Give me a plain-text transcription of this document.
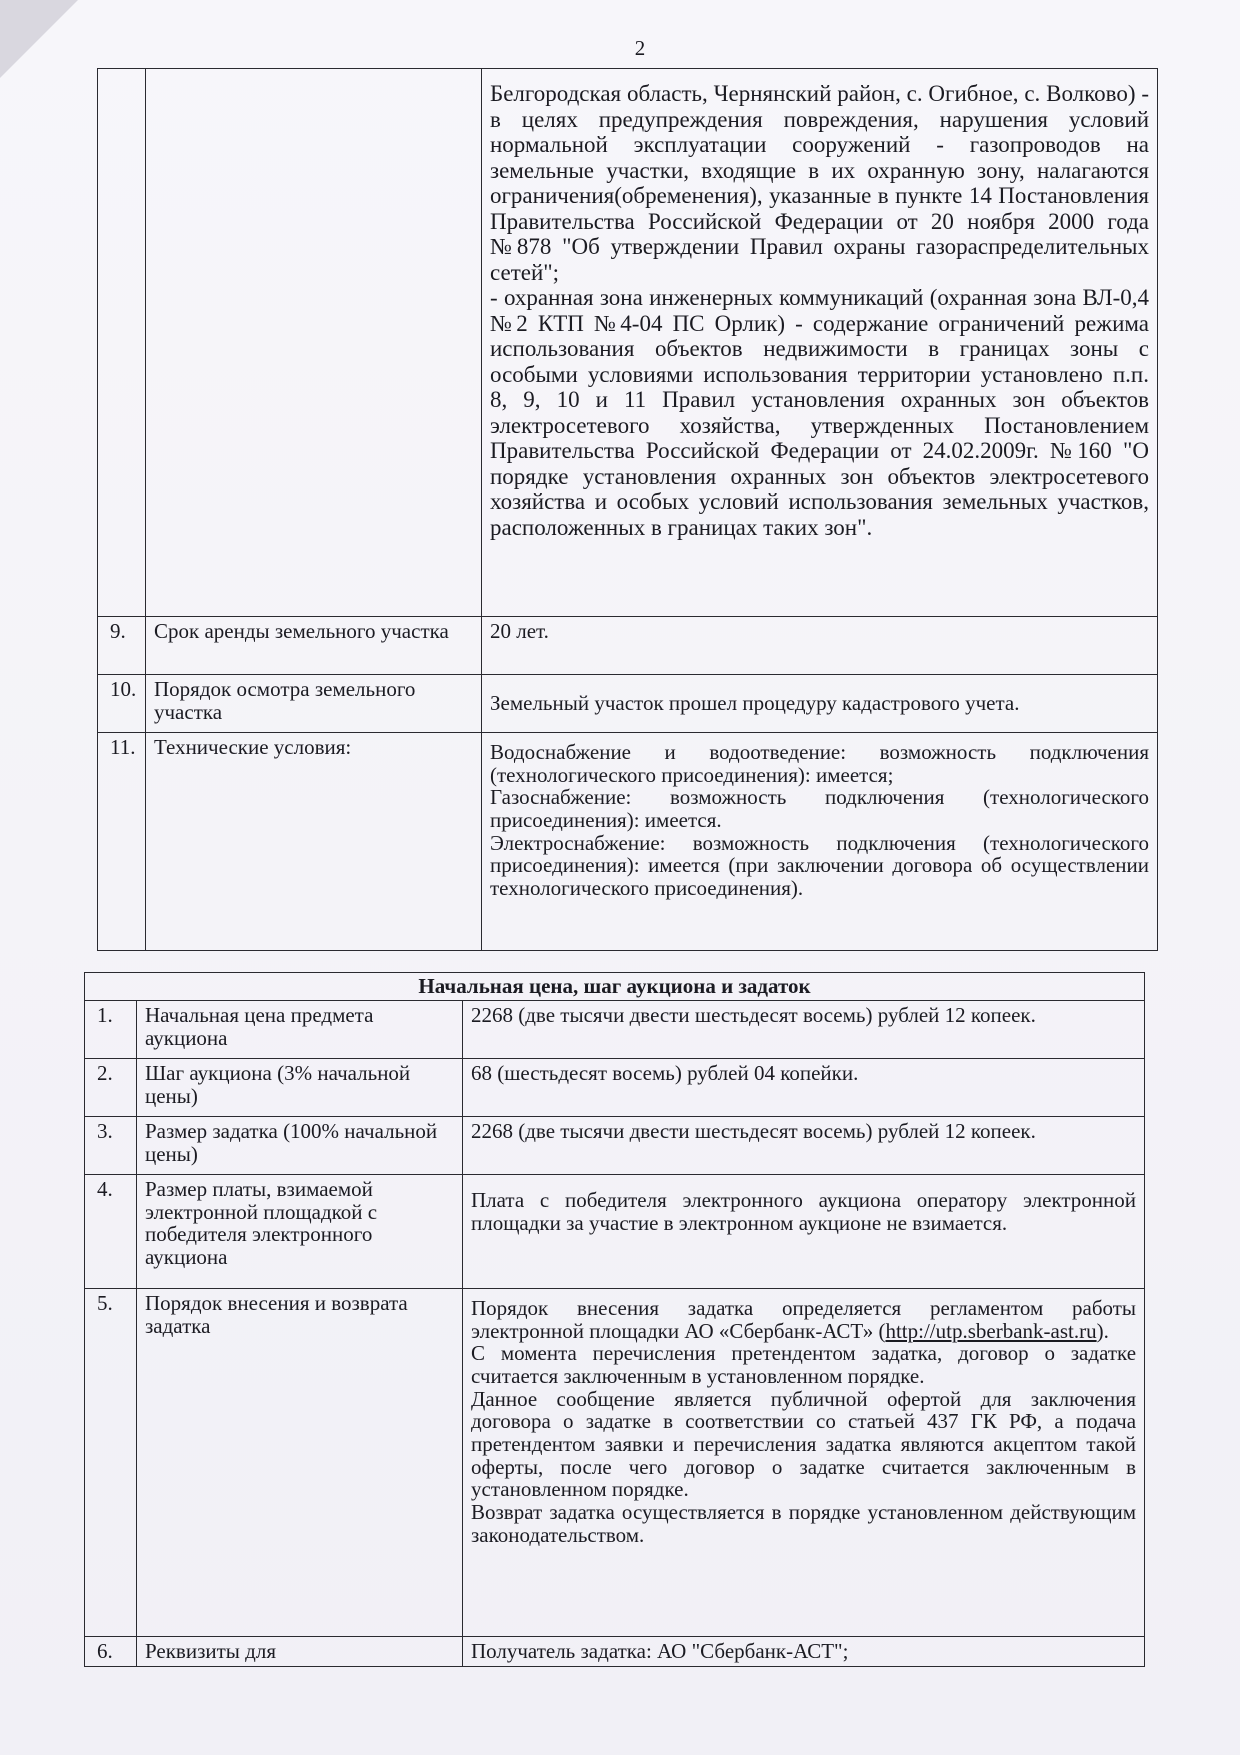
2

		Белгородская область, Чернянский район, с. Огибное, с. Волково) - в целях предупреждения повреждения, нарушения условий нормальной эксплуатации сооружений - газопроводов на земельные участки, входящие в их охранную зону, налагаются ограничения(обременения), указанные в пункте 14 Постановления Правительства Российской Федерации от 20 ноября 2000 года №878 "Об утверждении Правил охраны газораспределительных сетей";

- охранная зона инженерных коммуникаций (охранная зона ВЛ-0,4 №2 КТП №4-04 ПС Орлик) - содержание ограничений режима использования объектов недвижимости в границах зоны с особыми условиями использования территории установлено п.п. 8, 9, 10 и 11 Правил установления охранных зон объектов электросетевого хозяйства, утвержденных Постановлением Правительства Российской Федерации от 24.02.2009г. №160 "О порядке установления охранных зон объектов электросетевого хозяйства и особых условий использования земельных участков, расположенных в границах таких зон".

9.	Срок аренды земельного участка	20 лет.
10.	Порядок осмотра земельного участка	Земельный участок прошел процедуру кадастрового учета.
11.	Технические условия:	Водоснабжение и водоотведение: возможность подключения (технологического присоединения): имеется;

Газоснабжение: возможность подключения (технологического присоединения): имеется.

Электроснабжение: возможность подключения (технологического присоединения): имеется (при заключении договора об осуществлении технологического присоединения).

Начальная цена, шаг аукциона и задаток		
1.	Начальная цена предмета аукциона	2268 (две тысячи двести шестьдесят восемь) рублей 12 копеек.
2.	Шаг аукциона (3% начальной цены)	68 (шестьдесят восемь) рублей 04 копейки.
3.	Размер задатка (100% начальной цены)	2268 (две тысячи двести шестьдесят восемь) рублей 12 копеек.
4.	Размер платы, взимаемой электронной площадкой с победителя электронного аукциона	Плата с победителя электронного аукциона оператору электронной площадки за участие в электронном аукционе не взимается.
5.	Порядок внесения и возврата задатка	Порядок внесения задатка определяется регламентом работы электронной площадки АО «Сбербанк-АСТ» (http://utp.sberbank-ast.ru).

С момента перечисления претендентом задатка, договор о задатке считается заключенным в установленном порядке.

Данное сообщение является публичной офертой для заключения договора о задатке в соответствии со статьей 437 ГК РФ, а подача претендентом заявки и перечисления задатка являются акцептом такой оферты, после чего договор о задатке считается заключенным в установленном порядке.

Возврат задатка осуществляется в порядке установленном действующим законодательством.

6.	Реквизиты для	Получатель задатка: АО "Сбербанк-АСТ";
